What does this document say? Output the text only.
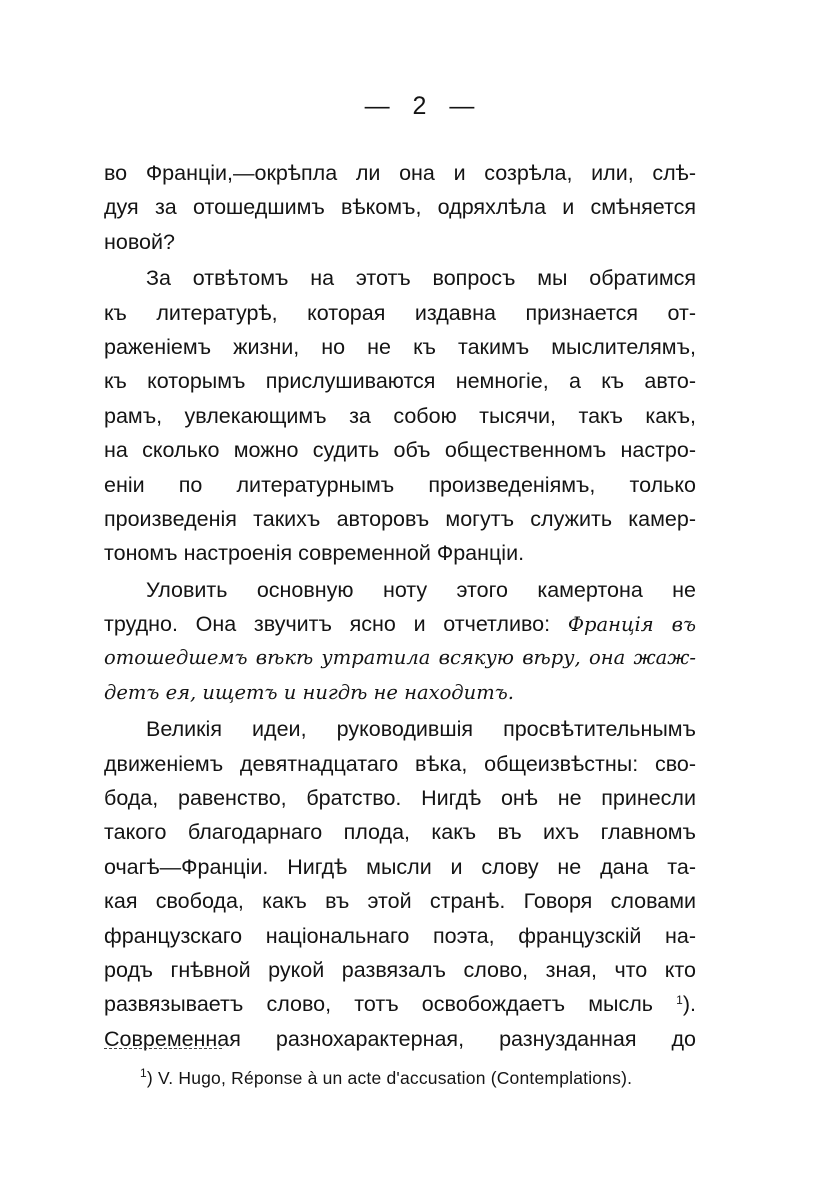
— 2 —
во Франціи,—окрѣпла ли она и созрѣла, или, слѣ-
дуя за отошедшимъ вѣкомъ, одряхлѣла и смѣняется
новой?
За отвѣтомъ на этотъ вопросъ мы обратимся
къ литературѣ, которая издавна признается от-
раженіемъ жизни, но не къ такимъ мыслителямъ,
къ которымъ прислушиваются немногіе, а къ авто-
рамъ, увлекающимъ за собою тысячи, такъ какъ,
на сколько можно судить объ общественномъ настро-
еніи по литературнымъ произведеніямъ, только
произведенія такихъ авторовъ могутъ служить камер-
тономъ настроенія современной Франціи.
Уловить основную ноту этого камертона не
трудно. Она звучитъ ясно и отчетливо: Франція въ
отошедшемъ вѣкѣ утратила всякую вѣру, она жаж-
детъ ея, ищетъ и нигдѣ не находитъ.
Великія идеи, руководившія просвѣтительнымъ
движеніемъ девятнадцатаго вѣка, общеизвѣстны: сво-
бода, равенство, братство. Нигдѣ онѣ не принесли
такого благодарнаго плода, какъ въ ихъ главномъ
очагѣ—Франціи. Нигдѣ мысли и слову не дана та-
кая свобода, какъ въ этой странѣ. Говоря словами
французскаго національнаго поэта, французскій на-
родъ гнѣвной рукой развязалъ слово, зная, что кто
развязываетъ слово, тотъ освобождаетъ мысль $^1$).
Современная разнохарактерная, разнузданная до
$^1$) V. Hugo, Réponse à un acte d'accusation (Contemplations).
